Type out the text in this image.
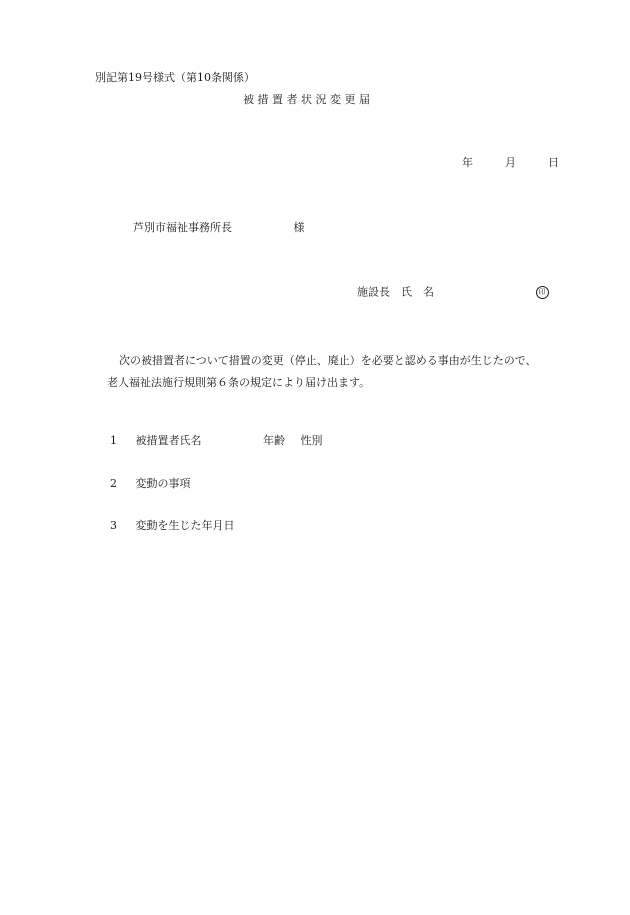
別記第19号様式（第10条関係）
被 措 置 者 状 況 変 更 届
年	月	日
芦別市福祉事務所長	様
施設長　氏　名	印
次の被措置者について措置の変更（停止、廃止）を必要と認める事由が生じたので、
老人福祉法施行規則第６条の規定により届け出ます。
1 被措置者氏名	年齢 性別
2 変動の事項
3 変動を生じた年月日
